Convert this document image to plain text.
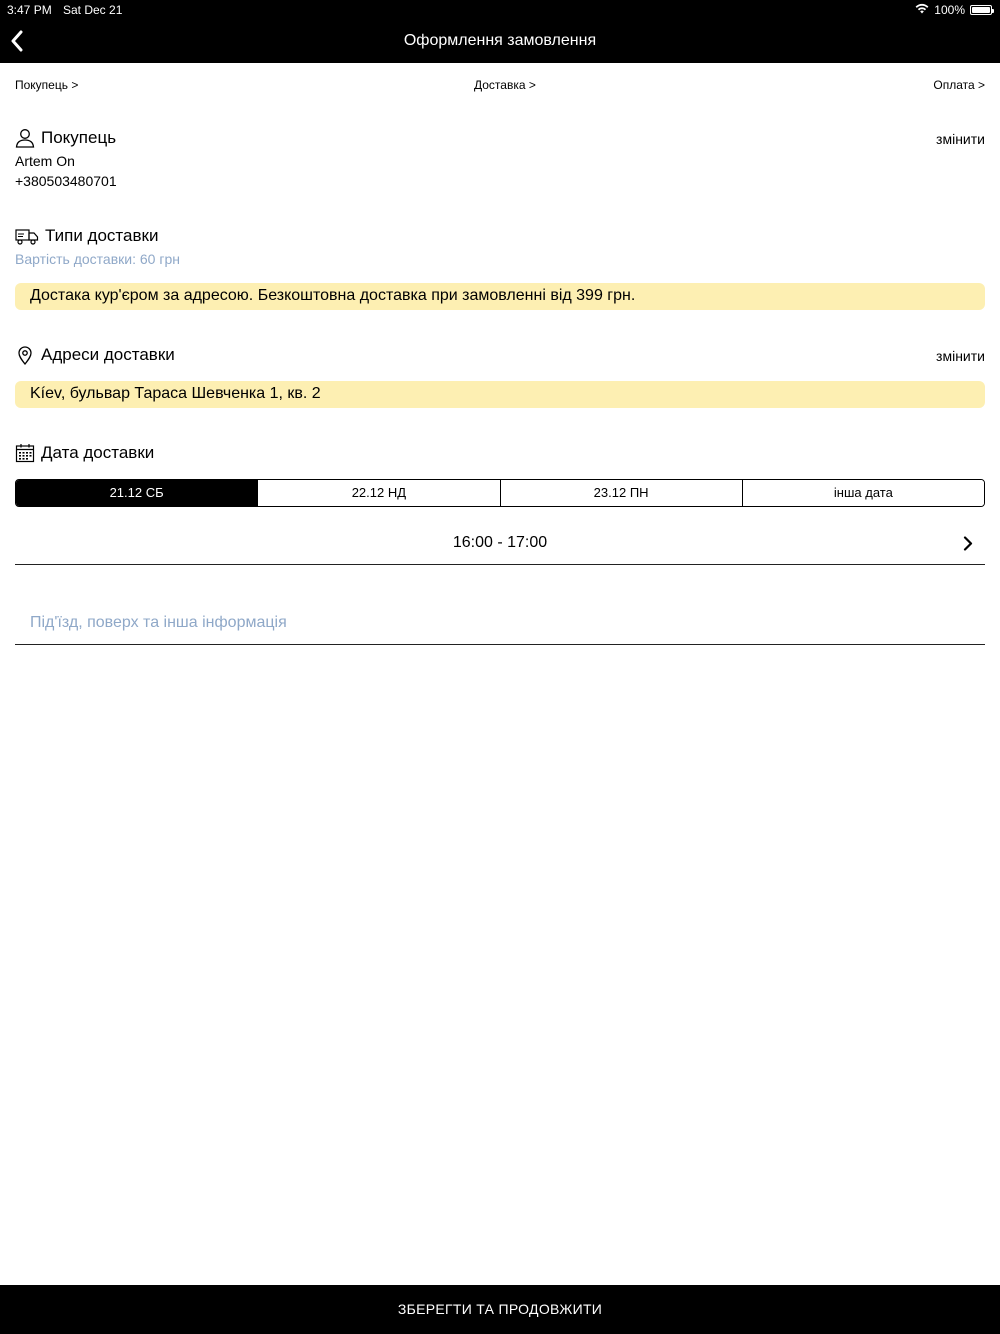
3:47 PM Sat Dec 21	100%
Оформлення замовлення
Покупець >	Доставка >	Оплата >
Покупець	змінити
Artem On
+380503480701
Типи доставки
Вартість доставки: 60 грн
Достака кур'єром за адресою. Безкоштовна доставка при замовленні від 399 грн.
Адреси доставки	змінити
Kíev, бульвар Тараса Шевченка 1, кв. 2
Дата доставки
21.12 СБ	22.12 НД	23.12 ПН	інша дата
16:00 - 17:00
Під'їзд, поверх та інша інформація
ЗБЕРЕГТИ ТА ПРОДОВЖИТИ
